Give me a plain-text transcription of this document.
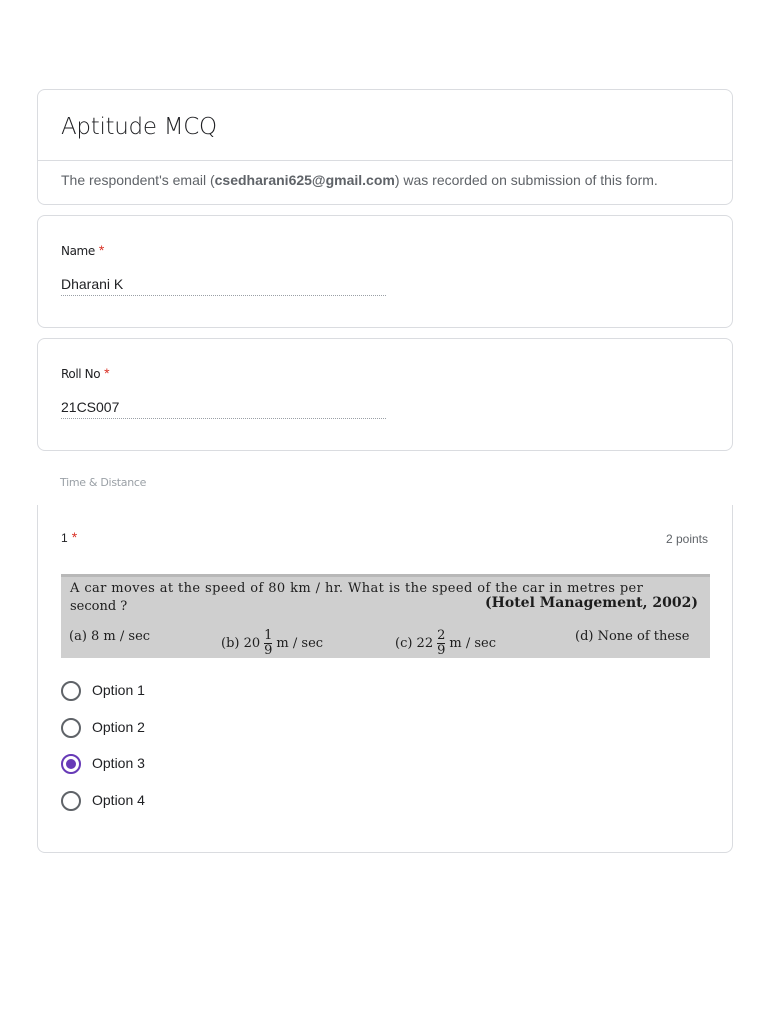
Aptitude MCQ
The respondent's email (csedharani625@gmail.com) was recorded on submission of this form.
Name *
Dharani K
Roll No *
21CS007
Time & Distance
1 *	2 points
A car moves at the speed of 80 km / hr. What is the speed of the car in metres per
second ?	(Hotel Management, 2002)
(a) 8 m / sec	(b) $20 \frac{1}{9}$ m / sec	(c) $22 \frac{2}{9}$ m / sec	(d) None of these
Option 1
Option 2
Option 3
Option 4
